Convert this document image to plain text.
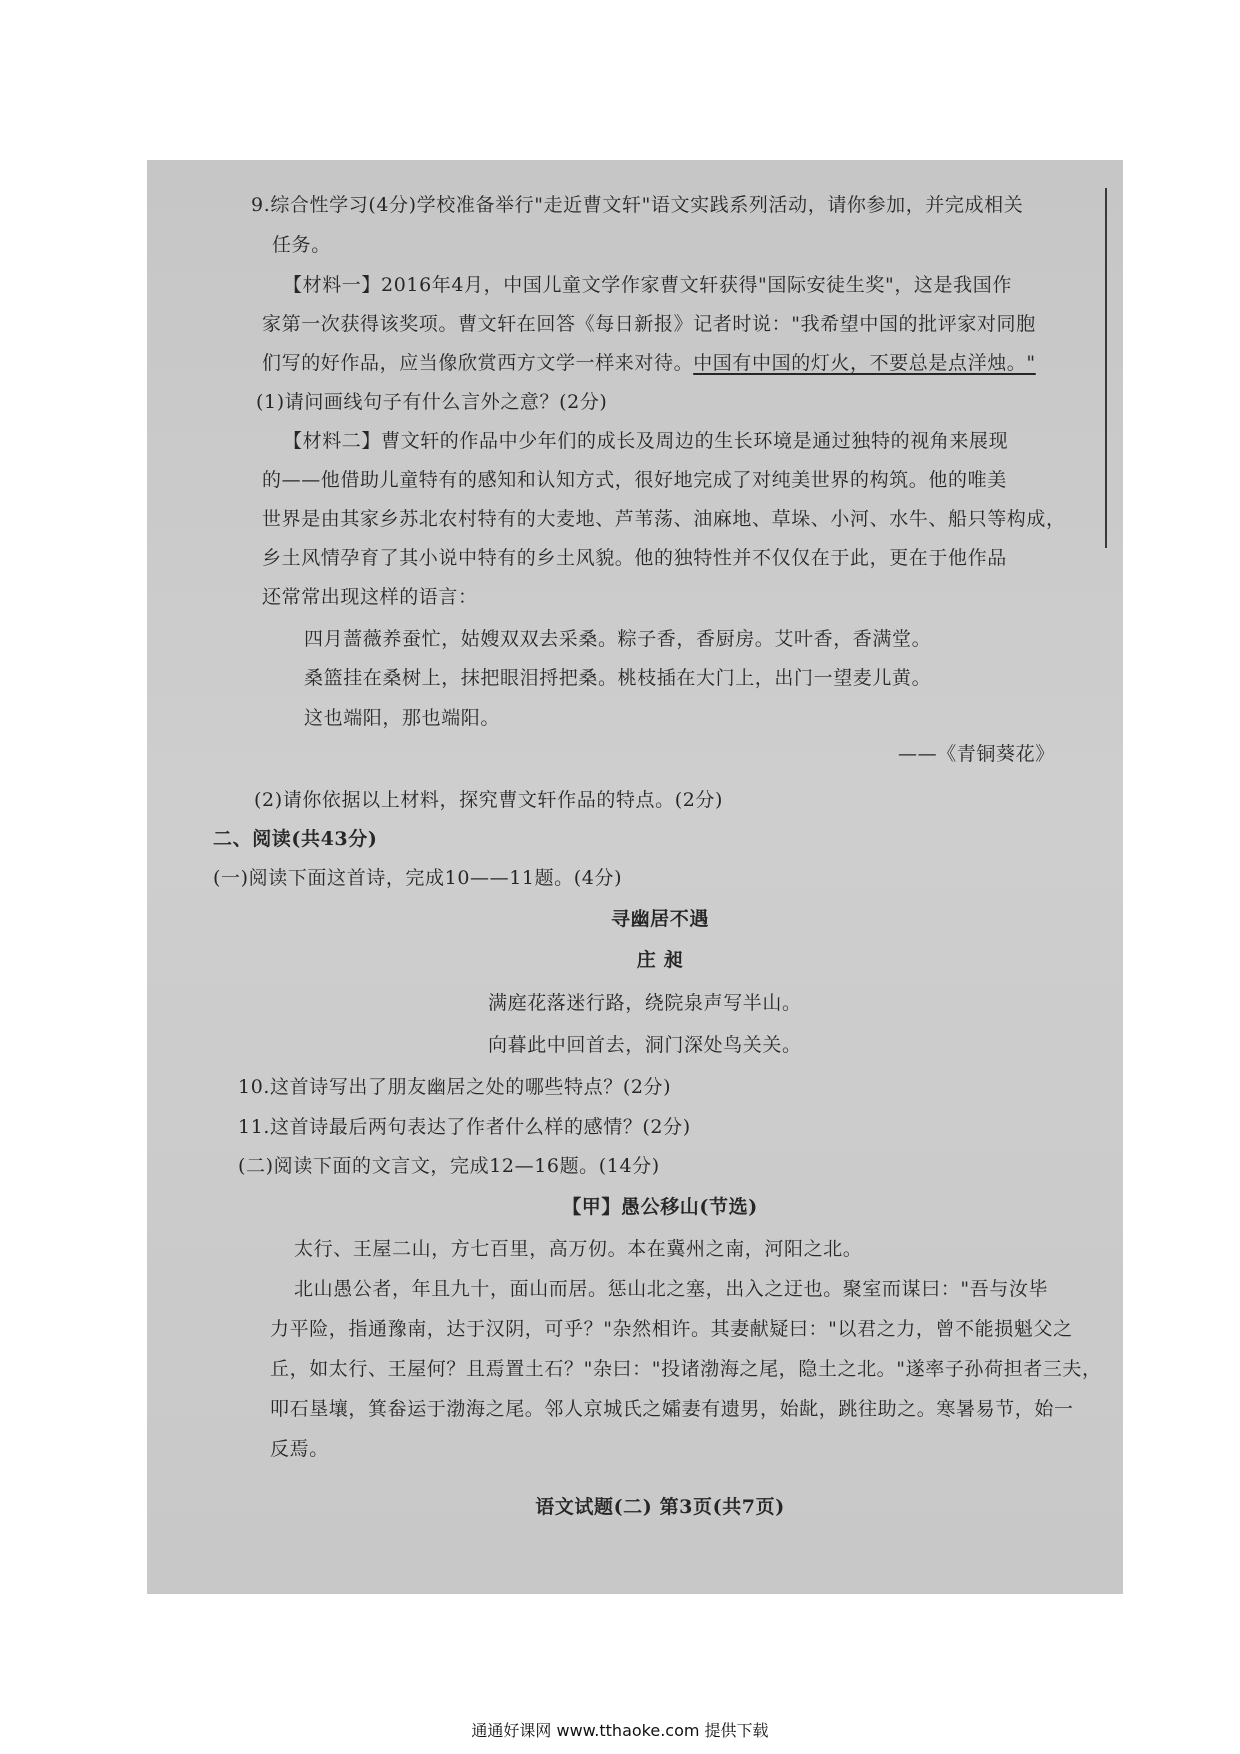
9.综合性学习(4分)学校准备举行"走近曹文轩"语文实践系列活动，请你参加，并完成相关
任务。
【材料一】2016年4月，中国儿童文学作家曹文轩获得"国际安徒生奖"，这是我国作
家第一次获得该奖项。曹文轩在回答《每日新报》记者时说："我希望中国的批评家对同胞
们写的好作品，应当像欣赏西方文学一样来对待。中国有中国的灯火，不要总是点洋烛。"
(1)请问画线句子有什么言外之意？(2分)
【材料二】曹文轩的作品中少年们的成长及周边的生长环境是通过独特的视角来展现
的——他借助儿童特有的感知和认知方式，很好地完成了对纯美世界的构筑。他的唯美
世界是由其家乡苏北农村特有的大麦地、芦苇荡、油麻地、草垛、小河、水牛、船只等构成，
乡土风情孕育了其小说中特有的乡土风貌。他的独特性并不仅仅在于此，更在于他作品
还常常出现这样的语言：
四月蔷薇养蚕忙，姑嫂双双去采桑。粽子香，香厨房。艾叶香，香满堂。
桑篮挂在桑树上，抹把眼泪捋把桑。桃枝插在大门上，出门一望麦儿黄。
这也端阳，那也端阳。
——《青铜葵花》
(2)请你依据以上材料，探究曹文轩作品的特点。(2分)
二、阅读(共43分)
(一)阅读下面这首诗，完成10——11题。(4分)
寻幽居不遇
庄 昶
满庭花落迷行路，绕院泉声写半山。
向暮此中回首去，洞门深处鸟关关。
10.这首诗写出了朋友幽居之处的哪些特点？(2分)
11.这首诗最后两句表达了作者什么样的感情？(2分)
(二)阅读下面的文言文，完成12—16题。(14分)
【甲】愚公移山(节选)
太行、王屋二山，方七百里，高万仞。本在冀州之南，河阳之北。
北山愚公者，年且九十，面山而居。惩山北之塞，出入之迂也。聚室而谋曰："吾与汝毕
力平险，指通豫南，达于汉阴，可乎？"杂然相许。其妻献疑曰："以君之力，曾不能损魁父之
丘，如太行、王屋何？且焉置土石？"杂曰："投诸渤海之尾，隐土之北。"遂率子孙荷担者三夫，
叩石垦壤，箕畚运于渤海之尾。邻人京城氏之孀妻有遗男，始龀，跳往助之。寒暑易节，始一
反焉。
语文试题(二) 第3页(共7页)
通通好课网 www.tthaoke.com 提供下载
